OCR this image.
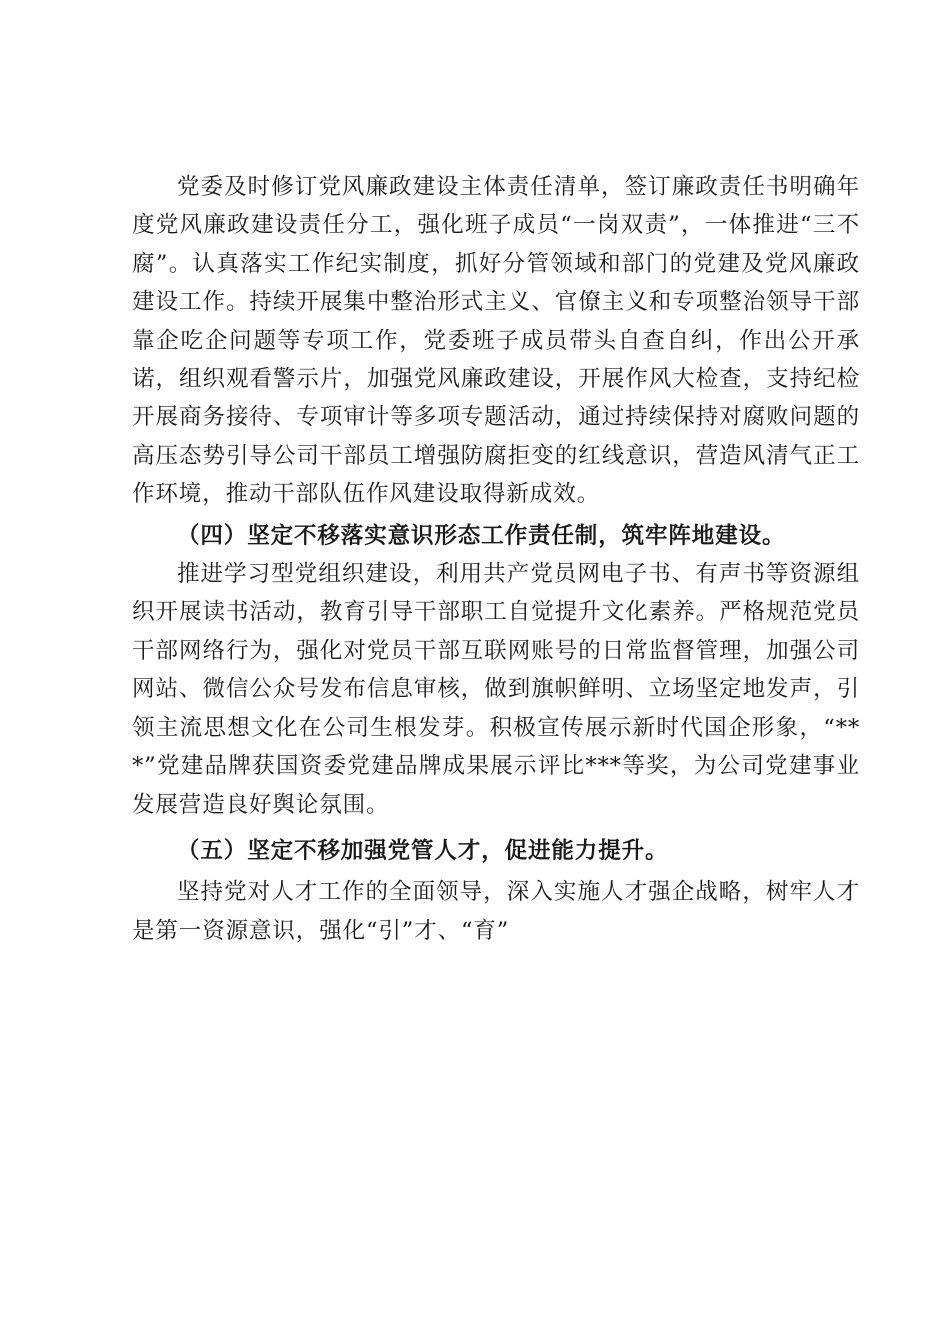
党委及时修订党风廉政建设主体责任清单，签订廉政责任书明确年度党风廉政建设责任分工，强化班子成员“一岗双责”，一体推进“三不腐”。认真落实工作纪实制度，抓好分管领域和部门的党建及党风廉政建设工作。持续开展集中整治形式主义、官僚主义和专项整治领导干部靠企吃企问题等专项工作，党委班子成员带头自查自纠，作出公开承诺，组织观看警示片，加强党风廉政建设，开展作风大检查，支持纪检开展商务接待、专项审计等多项专题活动，通过持续保持对腐败问题的高压态势引导公司干部员工增强防腐拒变的红线意识，营造风清气正工作环境，推动干部队伍作风建设取得新成效。

（四）坚定不移落实意识形态工作责任制，筑牢阵地建设。

推进学习型党组织建设，利用共产党员网电子书、有声书等资源组织开展读书活动，教育引导干部职工自觉提升文化素养。严格规范党员干部网络行为，强化对党员干部互联网账号的日常监督管理，加强公司网站、微信公众号发布信息审核，做到旗帜鲜明、立场坚定地发声，引领主流思想文化在公司生根发芽。积极宣传展示新时代国企形象，“***”党建品牌获国资委党建品牌成果展示评比***等奖，为公司党建事业发展营造良好舆论氛围。

（五）坚定不移加强党管人才，促进能力提升。

坚持党对人才工作的全面领导，深入实施人才强企战略，树牢人才是第一资源意识，强化“引”才、“育”
